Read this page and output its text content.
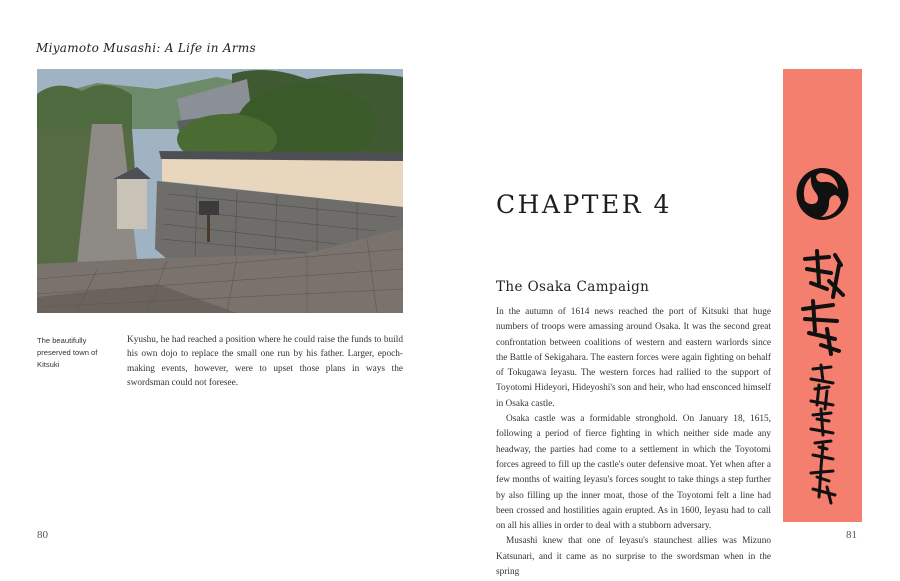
Miyamoto Musashi: A Life in Arms
The beautifully preserved town of Kitsuki

Kyushu, he had reached a position where he could raise the funds to build his own dojo to replace the small one run by his father. Larger, epoch-making events, however, were to upset those plans in ways the swordsman could not foresee.

CHAPTER 4
The Osaka Campaign

In the autumn of 1614 news reached the port of Kitsuki that huge numbers of troops were amassing around Osaka. It was the second great confrontation between coalitions of western and eastern warlords since the Battle of Sekigahara. The eastern forces were again fighting on behalf of Tokugawa Ieyasu. The western forces had rallied to the support of Toyotomi Hideyori, Hideyoshi's son and heir, who had ensconced himself in Osaka castle.

Osaka castle was a formidable stronghold. On January 18, 1615, following a period of fierce fighting in which neither side made any headway, the parties had come to a settlement in which the Toyotomi forces agreed to fill up the castle's outer defensive moat. Yet when after a few months of waiting Ieyasu's forces sought to take things a step further by also filling up the inner moat, those of the Toyotomi felt a line had been crossed and hostilities again erupted. As in 1600, Ieyasu had to call on all his allies in order to deal with a stubborn adversary.

Musashi knew that one of Ieyasu's staunchest allies was Mizuno Katsunari, and it came as no surprise to the swordsman when in the spring

80	81
